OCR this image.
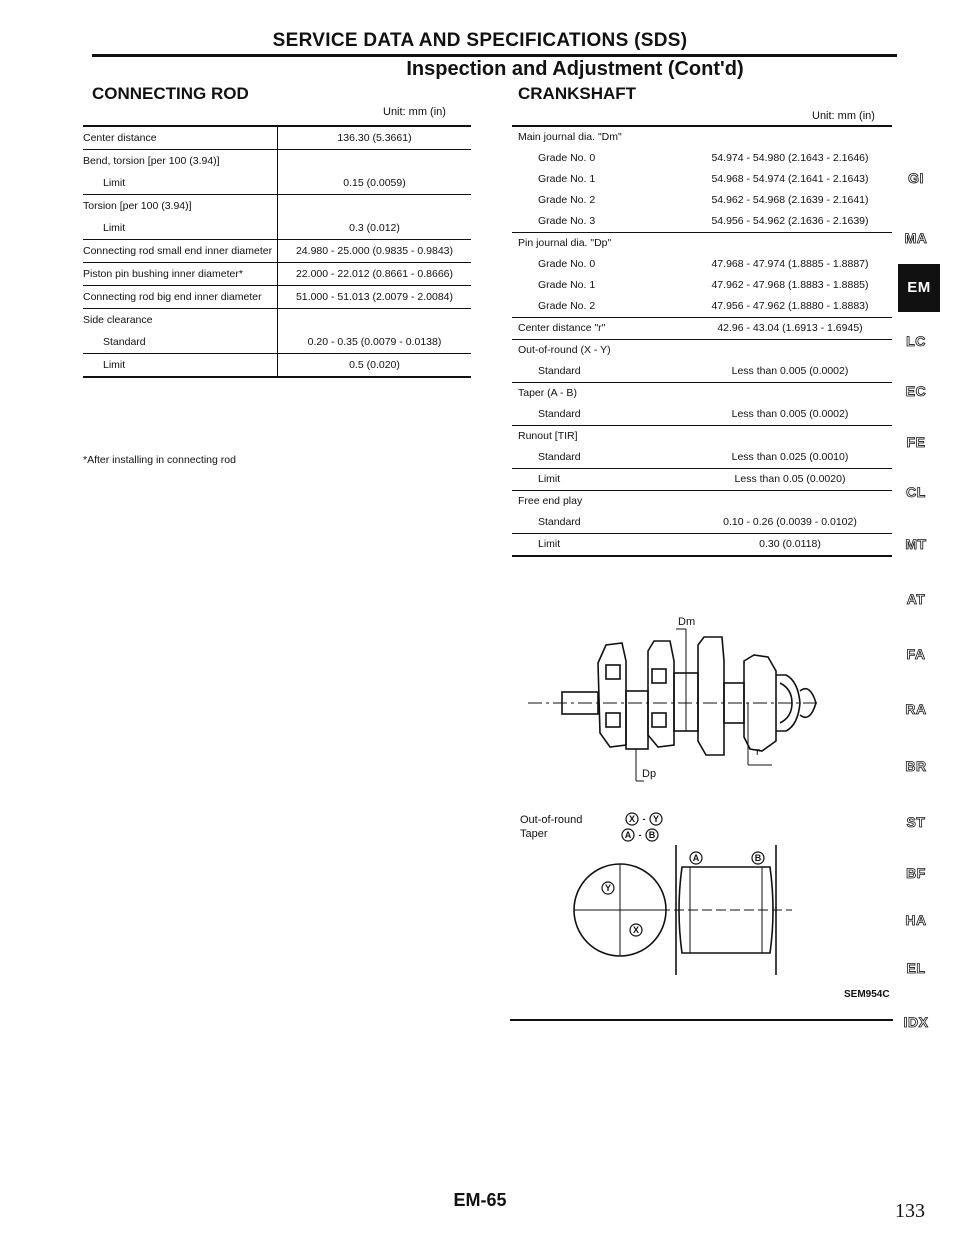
SERVICE DATA AND SPECIFICATIONS (SDS)
Inspection and Adjustment (Cont'd)
CONNECTING ROD
Unit: mm (in)
Center distance	136.30 (5.3661)
Bend, torsion [per 100 (3.94)]	
Limit	0.15 (0.0059)
Torsion [per 100 (3.94)]	
Limit	0.3 (0.012)
Connecting rod small end inner diameter	24.980 - 25.000 (0.9835 - 0.9843)
Piston pin bushing inner diameter*	22.000 - 22.012 (0.8661 - 0.8666)
Connecting rod big end inner diameter	51.000 - 51.013 (2.0079 - 2.0084)
Side clearance	
Standard	0.20 - 0.35 (0.0079 - 0.0138)
Limit	0.5 (0.020)
*After installing in connecting rod
CRANKSHAFT
Unit: mm (in)
Main journal dia. "Dm"	
Grade No. 0	54.974 - 54.980 (2.1643 - 2.1646)
Grade No. 1	54.968 - 54.974 (2.1641 - 2.1643)
Grade No. 2	54.962 - 54.968 (2.1639 - 2.1641)
Grade No. 3	54.956 - 54.962 (2.1636 - 2.1639)
Pin journal dia. "Dp"	
Grade No. 0	47.968 - 47.974 (1.8885 - 1.8887)
Grade No. 1	47.962 - 47.968 (1.8883 - 1.8885)
Grade No. 2	47.956 - 47.962 (1.8880 - 1.8883)
Center distance "r"	42.96 - 43.04 (1.6913 - 1.6945)
Out-of-round (X - Y)	
Standard	Less than 0.005 (0.0002)
Taper (A - B)	
Standard	Less than 0.005 (0.0002)
Runout [TIR]	
Standard	Less than 0.025 (0.0010)
Limit	Less than 0.05 (0.0020)
Free end play	
Standard	0.10 - 0.26 (0.0039 - 0.0102)
Limit	0.30 (0.0118)
Dm
Dp
r
Out-of-round
Taper
X - Y
A - B
Y
X
A	B
SEM954C
GI
MA
EM
LC
EC
FE
CL
MT
AT
FA
RA
BR
ST
BF
HA
EL
IDX
EM-65	133
